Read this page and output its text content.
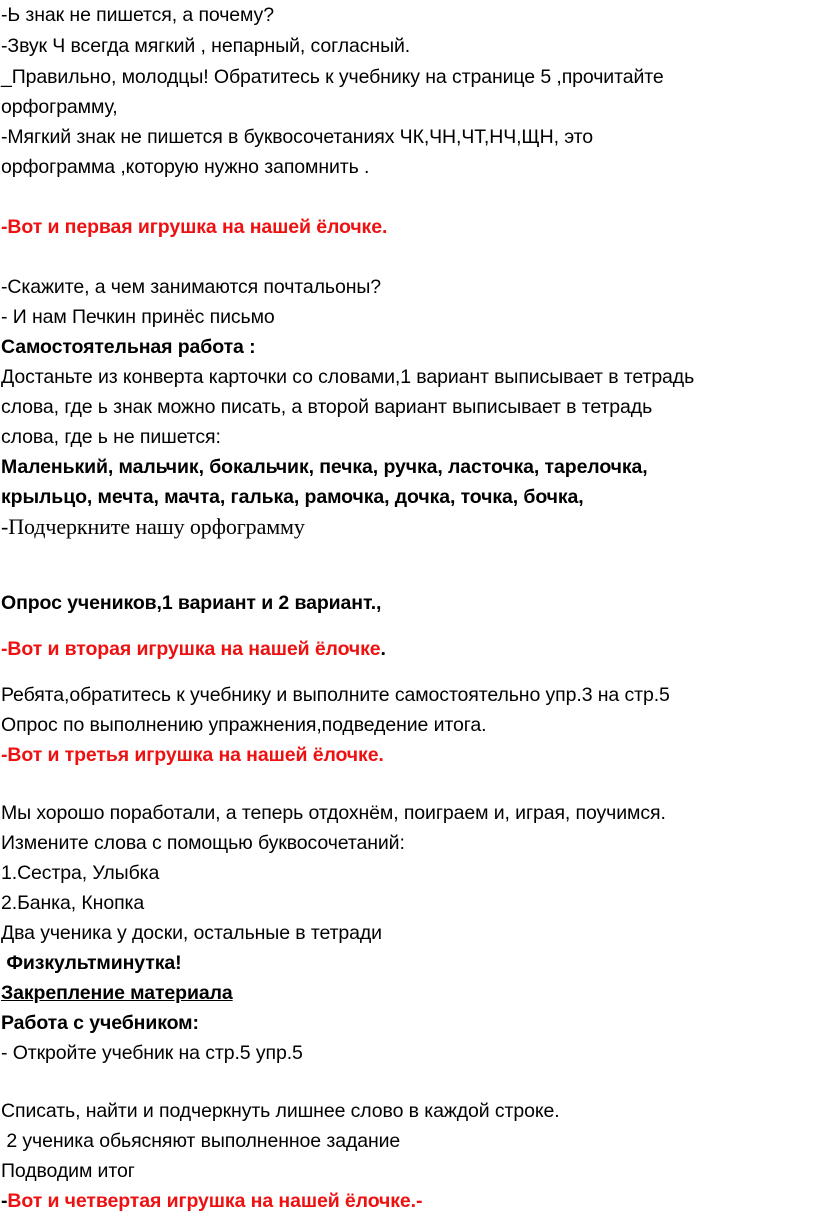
-Ь знак не пишется, а почему?
-Звук Ч всегда мягкий , непарный, согласный.
_Правильно, молодцы! Обратитесь к учебнику на странице 5 ,прочитайте
орфограмму,
-Мягкий знак не пишется в буквосочетаниях ЧК,ЧН,ЧТ,НЧ,ЩН, это
орфограмма ,которую нужно запомнить .
-Вот и первая игрушка на нашей ёлочке.
-Скажите, а чем занимаются почтальоны?
- И нам Печкин принёс письмо
Самостоятельная работа :
Достаньте из конверта карточки со словами,1 вариант выписывает в тетрадь
слова, где ь знак можно писать, а второй вариант выписывает в тетрадь
слова, где ь не пишется:
Маленький, мальчик, бокальчик, печка, ручка, ласточка, тарелочка,
крыльцо, мечта, мачта, галька, рамочка, дочка, точка, бочка,
-Подчеркните нашу орфограмму
Опрос учеников,1 вариант и 2 вариант.,
-Вот и вторая игрушка на нашей ёлочке.
Ребята,обратитесь к учебнику и выполните самостоятельно упр.3 на стр.5
Опрос по выполнению упражнения,подведение итога.
-Вот и третья игрушка на нашей ёлочке.
Мы хорошо поработали, а теперь отдохнём, поиграем и, играя, поучимся.
Измените слова с помощью буквосочетаний:
1.Сестра, Улыбка
2.Банка, Кнопка
Два ученика у доски, остальные в тетради
Физкультминутка!
Закрепление материала
Работа с учебником:
- Откройте учебник на стр.5 упр.5
Списать, найти и подчеркнуть лишнее слово в каждой строке.
2 ученика обьясняют выполненное задание
Подводим итог
-Вот и четвертая игрушка на нашей ёлочке.-
